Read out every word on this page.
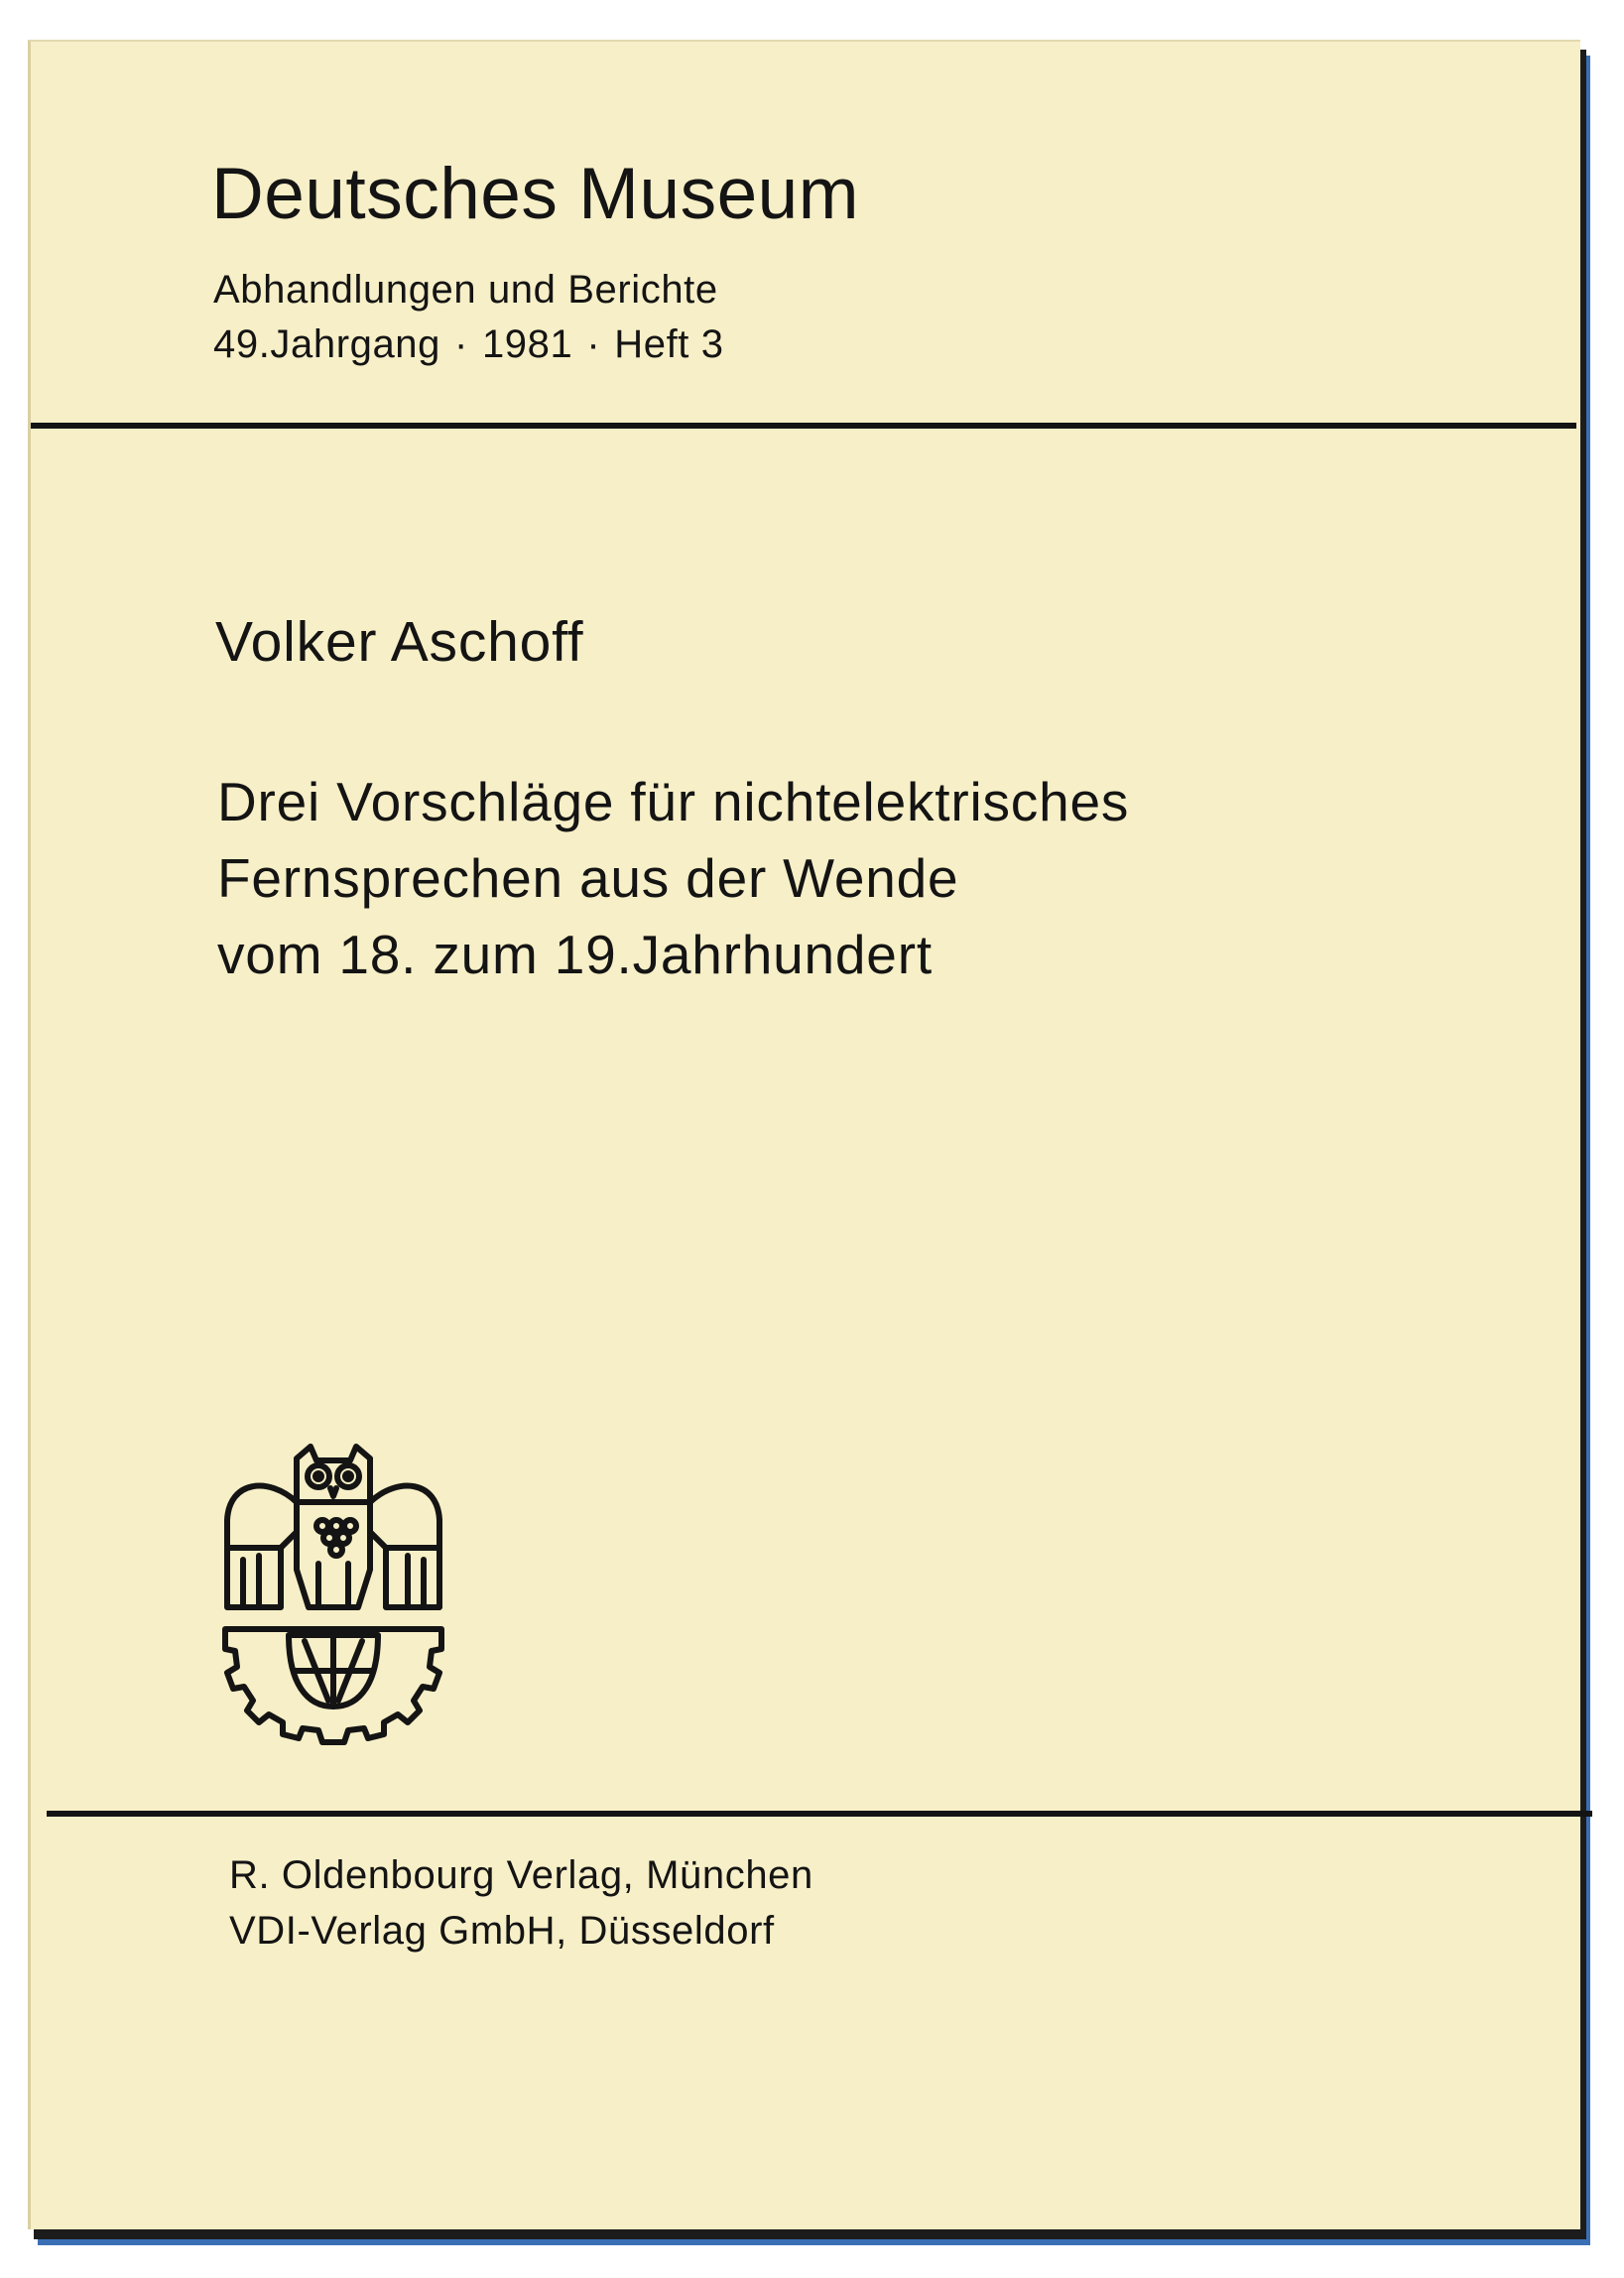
Deutsches Museum
Abhandlungen und Berichte
49.Jahrgang · 1981 · Heft 3
Volker Aschoff
Drei Vorschläge für nichtelektrisches
Fernsprechen aus der Wende
vom 18. zum 19.Jahrhundert
R. Oldenbourg Verlag, München
VDI-Verlag GmbH, Düsseldorf
